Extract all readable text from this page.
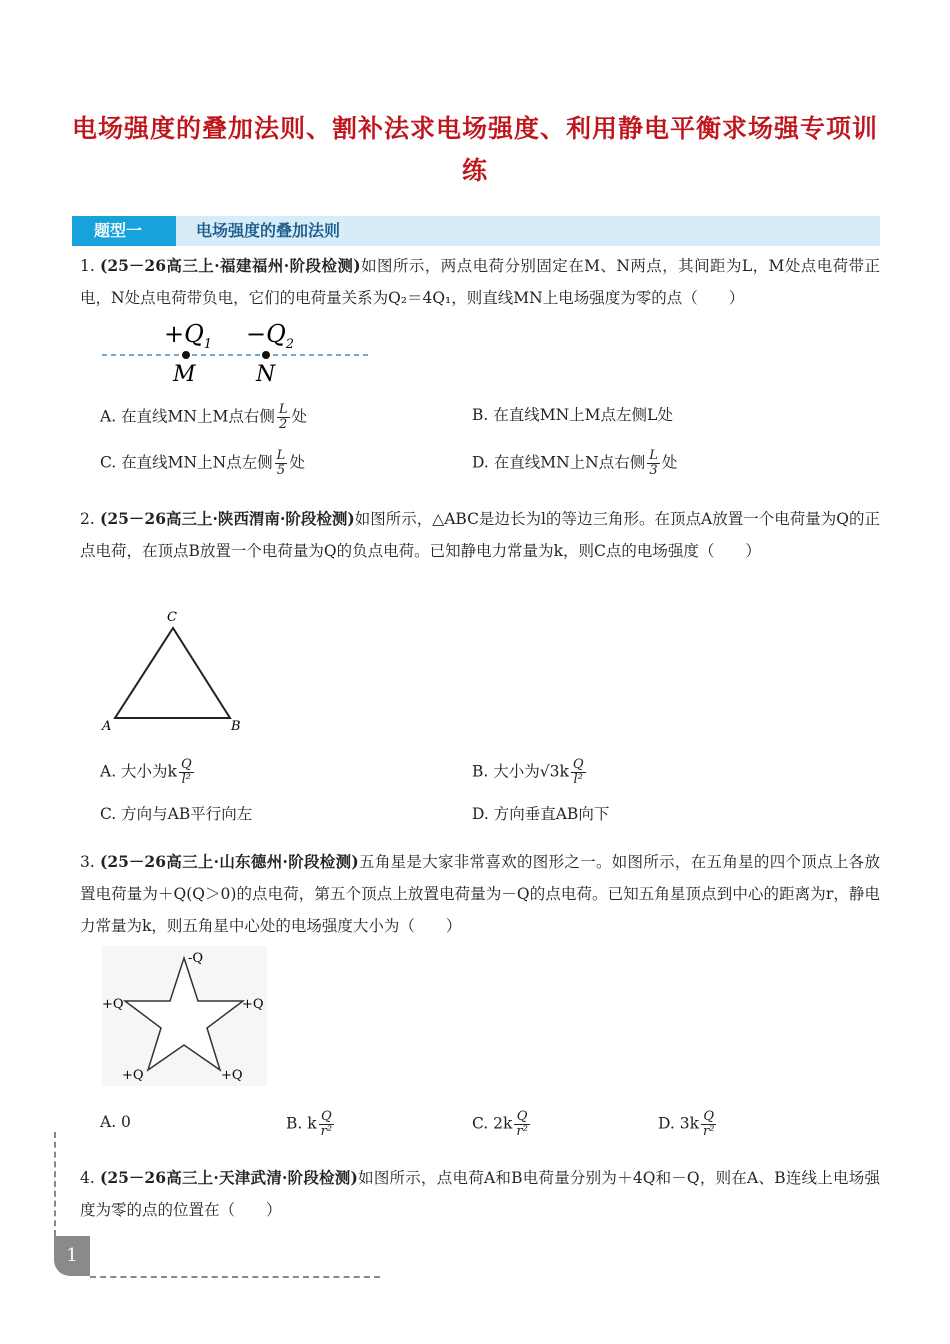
电场强度的叠加法则、割补法求电场强度、利用静电平衡求场强专项训练
题型一	电场强度的叠加法则
1. (25－26高三上·福建福州·阶段检测)如图所示，两点电荷分别固定在M、N两点，其间距为L，M处点电荷带正电，N处点电荷带负电，它们的电荷量关系为Q₂＝4Q₁，则直线MN上电场强度为零的点（　　）
$+Q_1 -Q_2$
M	N
A. 在直线MN上M点右侧 $\frac{L}{2}$ 处	B. 在直线MN上M点左侧L处
C. 在直线MN上N点左侧 $\frac{L}{5}$ 处	D. 在直线MN上N点右侧 $\frac{L}{3}$ 处
2. (25－26高三上·陕西渭南·阶段检测)如图所示，△ABC是边长为l的等边三角形。在顶点A放置一个电荷量为Q的正点电荷，在顶点B放置一个电荷量为Q的负点电荷。已知静电力常量为k，则C点的电场强度（　　）
C
A	B
A. 大小为k $\frac{Q}{\text{l²}}$	B. 大小为$√3k \frac{Q}{\text{l²}}$
C. 方向与AB平行向左	D. 方向垂直AB向下
3. (25－26高三上·山东德州·阶段检测)五角星是大家非常喜欢的图形之一。如图所示，在五角星的四个顶点上各放置电荷量为＋Q(Q＞0)的点电荷，第五个顶点上放置电荷量为－Q的点电荷。已知五角星顶点到中心的距离为r，静电力常量为k，则五角星中心处的电场强度大小为（　　）
-Q
+Q	+Q
+Q	+Q
A. 0	B. k $\frac{Q}{\text{r²}}$	C. $2k \frac{Q}{\text{r²}}$	D. $3k \frac{Q}{\text{r²}}$
4. (25－26高三上·天津武清·阶段检测)如图所示，点电荷A和B电荷量分别为＋4Q和－Q，则在A、B连线上电场强度为零的点的位置在（　　）
1
